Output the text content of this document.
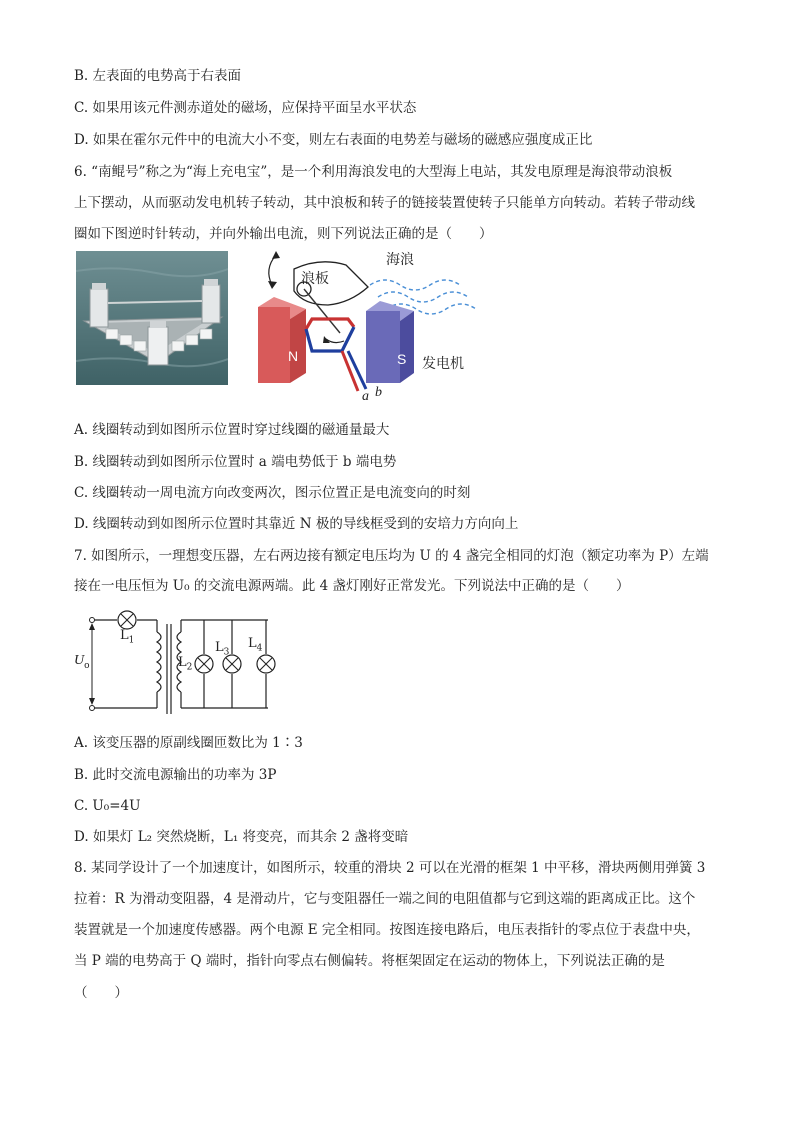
B. 左表面的电势高于右表面
C. 如果用该元件测赤道处的磁场，应保持平面呈水平状态
D. 如果在霍尔元件中的电流大小不变，则左右表面的电势差与磁场的磁感应强度成正比
6. “南鲲号”称之为“海上充电宝”，是一个利用海浪发电的大型海上电站，其发电原理是海浪带动浪板
上下摆动，从而驱动发电机转子转动，其中浪板和转子的链接装置使转子只能单方向转动。若转子带动线
圈如下图逆时针转动，并向外输出电流，则下列说法正确的是（　　）
浪板
海浪
N	S 发电机
a b
A. 线圈转动到如图所示位置时穿过线圈的磁通量最大
B. 线圈转动到如图所示位置时 a 端电势低于 b 端电势
C. 线圈转动一周电流方向改变两次，图示位置正是电流变向的时刻
D. 线圈转动到如图所示位置时其靠近 N 极的导线框受到的安培力方向向上
7. 如图所示，一理想变压器，左右两边接有额定电压均为 U 的 4 盏完全相同的灯泡（额定功率为 P）左端
接在一电压恒为 U₀ 的交流电源两端。此 4 盏灯刚好正常发光。下列说法中正确的是（　　）
$U_o$
$L_1$
$L_2$
$L_3$
$L_4$
A. 该变压器的原副线圈匝数比为 1∶3
B. 此时交流电源输出的功率为 3P
C. U₀=4U
D. 如果灯 L₂ 突然烧断，L₁ 将变亮，而其余 2 盏将变暗
8. 某同学设计了一个加速度计，如图所示，较重的滑块 2 可以在光滑的框架 1 中平移，滑块两侧用弹簧 3
拉着：R 为滑动变阻器，4 是滑动片，它与变阻器任一端之间的电阻值都与它到这端的距离成正比。这个
装置就是一个加速度传感器。两个电源 E 完全相同。按图连接电路后，电压表指针的零点位于表盘中央，
当 P 端的电势高于 Q 端时，指针向零点右侧偏转。将框架固定在运动的物体上，下列说法正确的是
（　　）
